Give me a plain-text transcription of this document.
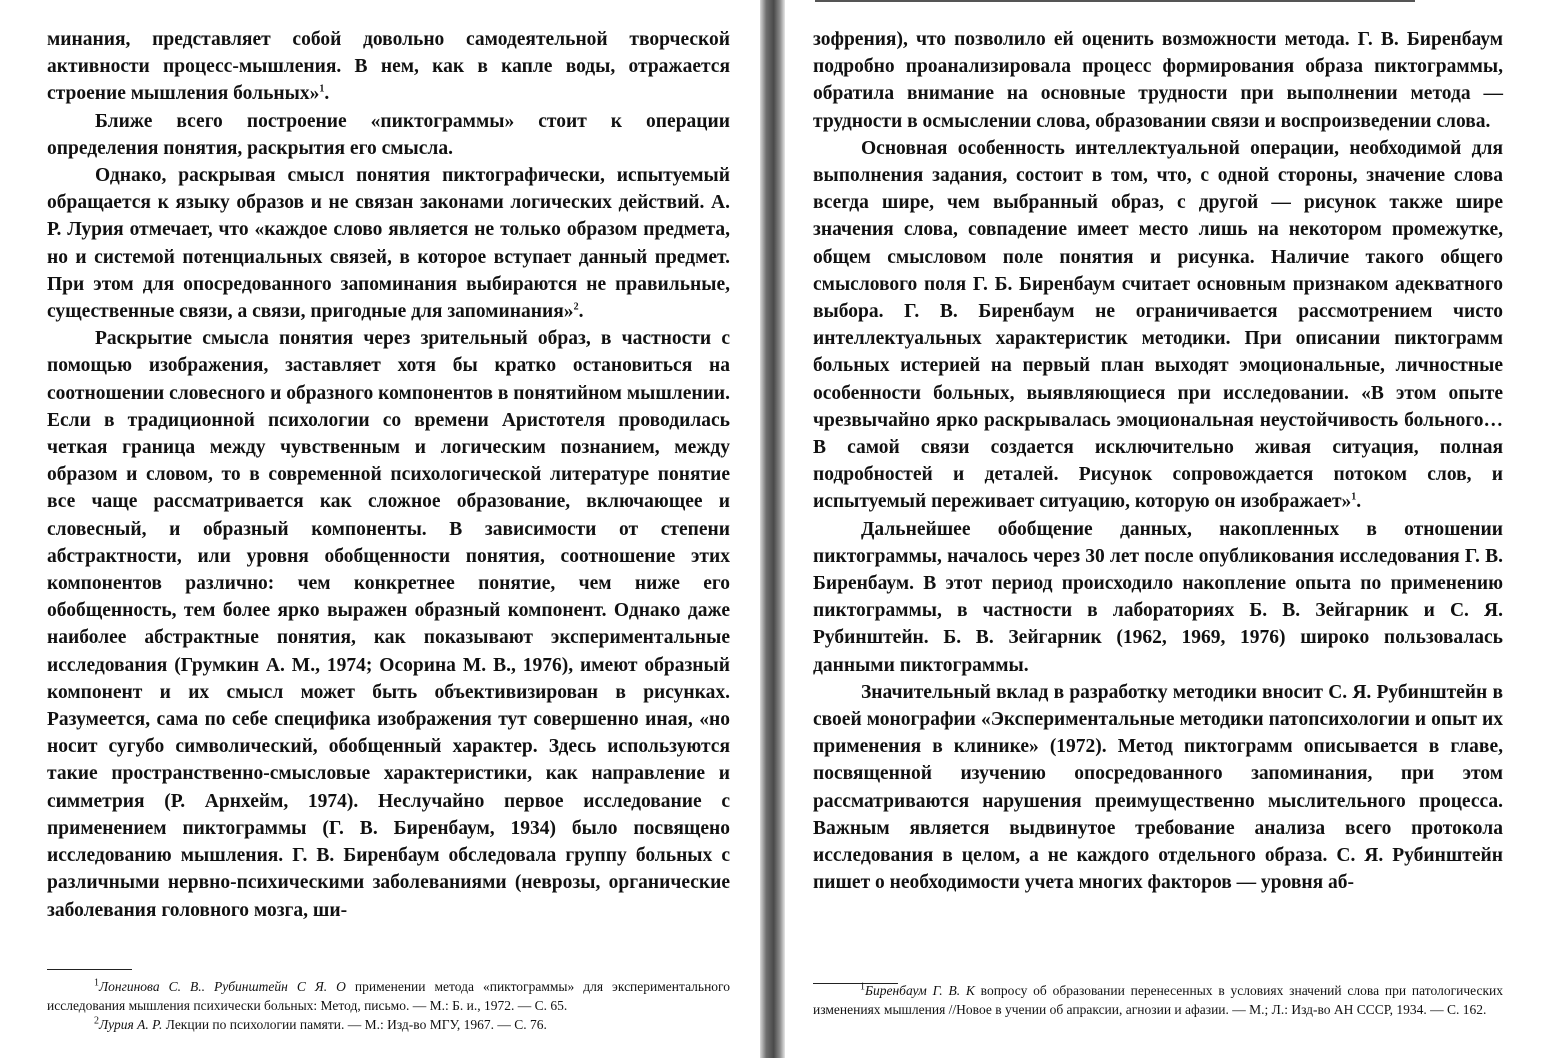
минания, представляет собой довольно самодеятельной творческой активности процесс-мышления. В нем, как в капле воды, отражается строение мышления больных»$^1$.

Ближе всего построение «пиктограммы» стоит к операции определения понятия, раскрытия его смысла.

Однако, раскрывая смысл понятия пиктографически, испытуемый обращается к языку образов и не связан законами логических действий. А. Р. Лурия отмечает, что «каждое слово является не только образом предмета, но и системой потенциальных связей, в которое вступает данный предмет. При этом для опосредованного запоминания выбираются не правильные, существенные связи, а связи, пригодные для запоминания»$^2$.

Раскрытие смысла понятия через зрительный образ, в частности с помощью изображения, заставляет хотя бы кратко остановиться на соотношении словесного и образного компонентов в понятийном мышлении. Если в традиционной психологии со времени Аристотеля проводилась четкая граница между чувственным и логическим познанием, между образом и словом, то в современной психологической литературе понятие все чаще рассматривается как сложное образование, включающее и словесный, и образный компоненты. В зависимости от степени абстрактности, или уровня обобщенности понятия, соотношение этих компонентов различно: чем конкретнее понятие, чем ниже его обобщенность, тем более ярко выражен образный компонент. Однако даже наиболее абстрактные понятия, как показывают экспериментальные исследования (Грумкин А. М., 1974; Осорина М. В., 1976), имеют образный компонент и их смысл может быть объективизирован в рисунках. Разумеется, сама по себе специфика изображения тут совершенно иная, «но носит сугубо символический, обобщенный характер. Здесь используются такие пространственно-смысловые характеристики, как направление и симметрия (Р. Арнхейм, 1974). Неслучайно первое исследование с применением пиктограммы (Г. В. Биренбаум, 1934) было посвящено исследованию мышления. Г. В. Биренбаум обследовала группу больных с различными нервно-психическими заболеваниями (неврозы, органические заболевания головного мозга, ши-

$^1$Лонгинова С. В.. Рубинштейн С Я. О применении метода «пиктограммы» для экспериментального исследования мышления психически больных: Метод, письмо. — М.: Б. и., 1972. — С. 65.

$^2$Лурия А. Р. Лекции по психологии памяти. — М.: Изд-во МГУ, 1967. — С. 76.

зофрения), что позволило ей оценить возможности метода. Г. В. Биренбаум подробно проанализировала процесс формирования образа пиктограммы, обратила внимание на основные трудности при выполнении метода — трудности в осмыслении слова, образовании связи и воспроизведении слова.

Основная особенность интеллектуальной операции, необходимой для выполнения задания, состоит в том, что, с одной стороны, значение слова всегда шире, чем выбранный образ, с другой — рисунок также шире значения слова, совпадение имеет место лишь на некотором промежутке, общем смысловом поле понятия и рисунка. Наличие такого общего смыслового поля Г. Б. Биренбаум считает основным признаком адекватного выбора. Г. В. Биренбаум не ограничивается рассмотрением чисто интеллектуальных характеристик методики. При описании пиктограмм больных истерией на первый план выходят эмоциональные, личностные особенности больных, выявляющиеся при исследовании. «В этом опыте чрезвычайно ярко раскрывалась эмоциональная неустойчивость больного… В самой связи создается исключительно живая ситуация, полная подробностей и деталей. Рисунок сопровождается потоком слов, и испытуемый переживает ситуацию, которую он изображает»$^1$.

Дальнейшее обобщение данных, накопленных в отношении пиктограммы, началось через 30 лет после опубликования исследования Г. В. Биренбаум. В этот период происходило накопление опыта по применению пиктограммы, в частности в лабораториях Б. В. Зейгарник и С. Я. Рубинштейн. Б. В. Зейгарник (1962, 1969, 1976) широко пользовалась данными пиктограммы.

Значительный вклад в разработку методики вносит С. Я. Рубинштейн в своей монографии «Экспериментальные методики патопсихологии и опыт их применения в клинике» (1972). Метод пиктограмм описывается в главе, посвященной изучению опосредованного запоминания, при этом рассматриваются нарушения преимущественно мыслительного процесса. Важным является выдвинутое требование анализа всего протокола исследования в целом, а не каждого отдельного образа. С. Я. Рубинштейн пишет о необходимости учета многих факторов — уровня аб-

$^1$Биренбаум Г. В. К вопросу об образовании перенесенных в условиях значений слова при патологических изменениях мышления //Новое в учении об апраксии, агнозии и афазии. — М.; Л.: Изд-во АН СССР, 1934. — С. 162.
